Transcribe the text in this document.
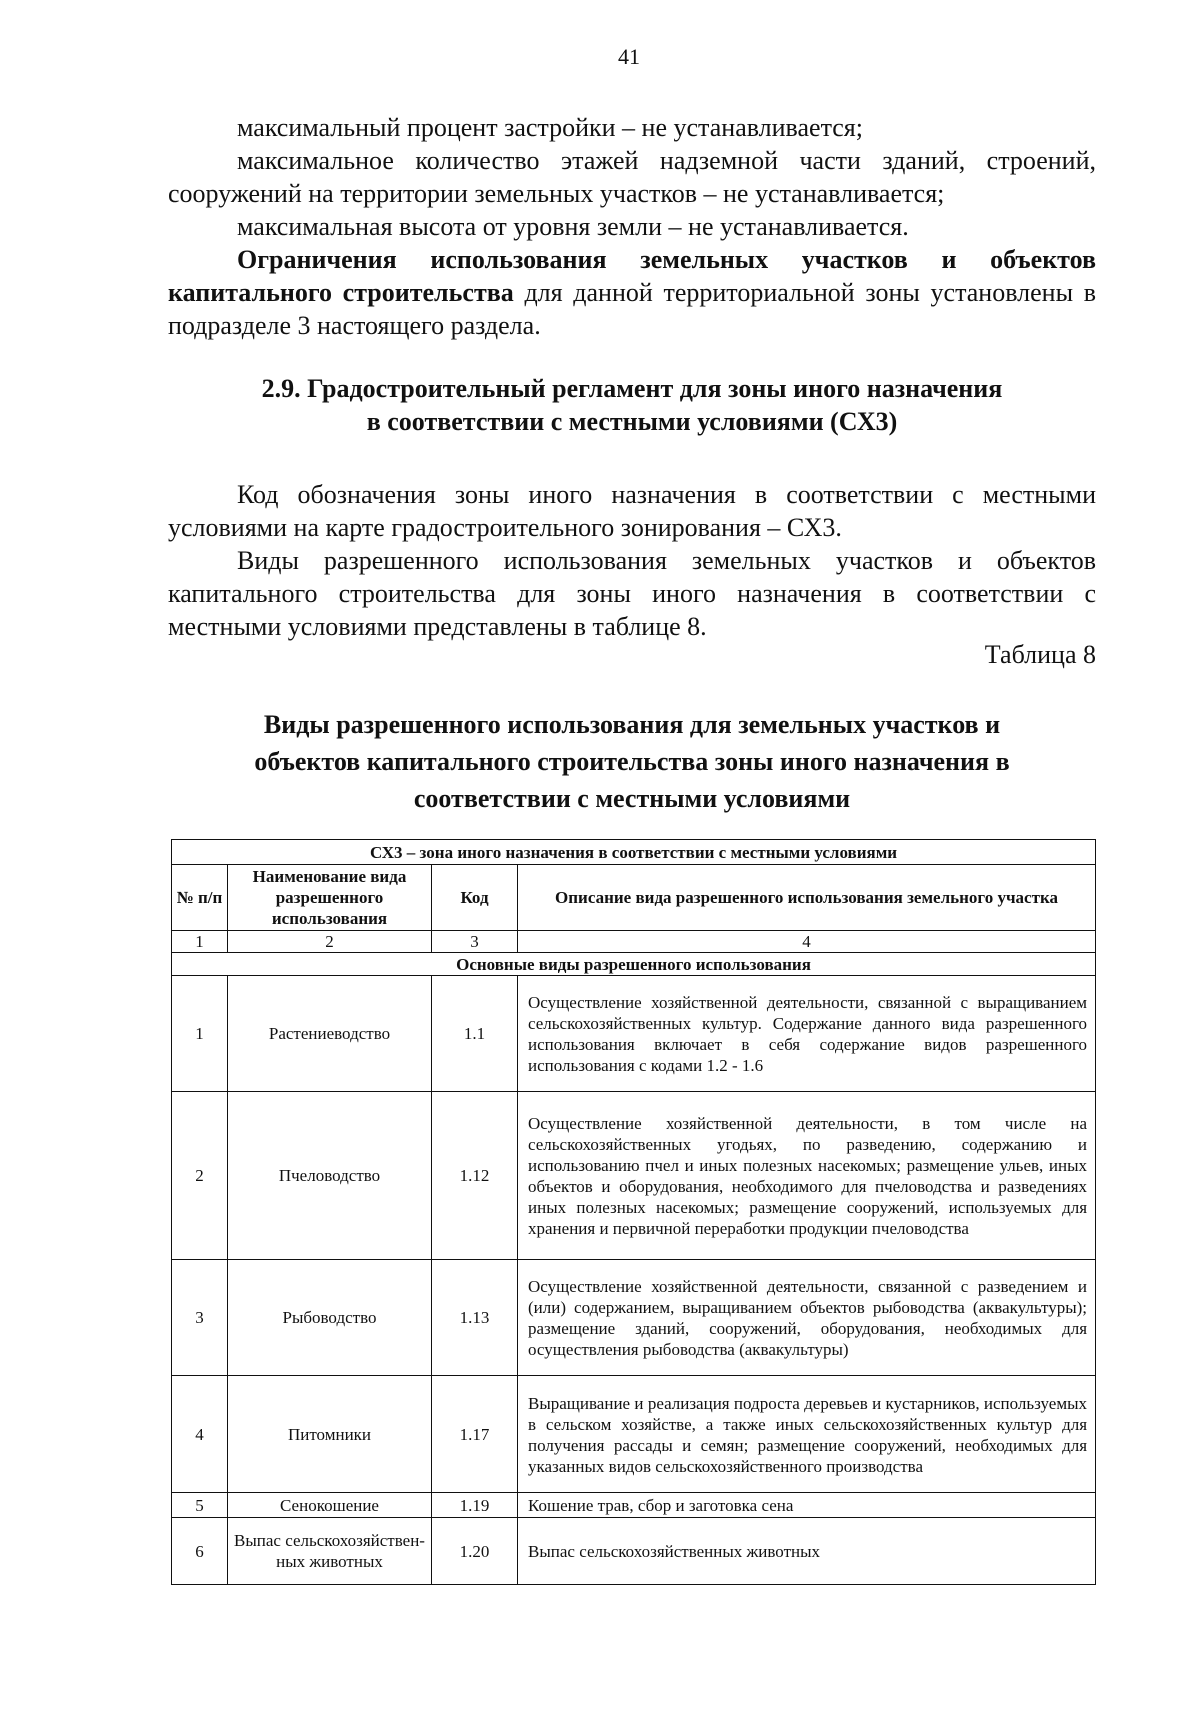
41

максимальный процент застройки – не устанавливается;

максимальное количество этажей надземной части зданий, строений, сооружений на территории земельных участков – не устанавливается;

максимальная высота от уровня земли – не устанавливается.

Ограничения использования земельных участков и объектов капитального строительства для данной территориальной зоны установлены в подразделе 3 настоящего раздела.

2.9. Градостроительный регламент для зоны иного назначения
в соответствии с местными условиями (СХ3)

Код обозначения зоны иного назначения в соответствии с местными условиями на карте градостроительного зонирования – СХ3.

Виды разрешенного использования земельных участков и объектов капитального строительства для зоны иного назначения в соответствии с местными условиями представлены в таблице 8.

Таблица 8
Виды разрешенного использования для земельных участков и
объектов капитального строительства зоны иного назначения в
соответствии с местными условиями
СХ3 – зона иного назначения в соответствии с местными условиями			
№ п/п	Наименование вида разрешенного использования	Код	Описание вида разрешенного использования земельного участка
1	2	3	4
Основные виды разрешенного использования			
1	Растениеводство	1.1	Осуществление хозяйственной деятельности, связанной с выращиванием сельскохозяйственных культур. Содержание данного вида разрешенного использования включает в себя содержание видов разрешенного использования с кодами 1.2 - 1.6
2	Пчеловодство	1.12	Осуществление хозяйственной деятельности, в том числе на сельскохозяйственных угодьях, по разведению, содержанию и использованию пчел и иных полезных насекомых; размещение ульев, иных объектов и оборудования, необходимого для пчеловодства и разведениях иных полезных насекомых; размещение сооружений, используемых для хранения и первичной переработки продукции пчеловодства
3	Рыбоводство	1.13	Осуществление хозяйственной деятельности, связанной с разведением и (или) содержанием, выращиванием объектов рыбоводства (аквакультуры); размещение зданий, сооружений, оборудования, необходимых для осуществления рыбоводства (аквакультуры)
4	Питомники	1.17	Выращивание и реализация подроста деревьев и кустарников, используемых в сельском хозяйстве, а также иных сельскохозяйственных культур для получения рассады и семян; размещение сооружений, необходимых для указанных видов сельскохозяйственного производства
5	Сенокошение	1.19	Кошение трав, сбор и заготовка сена
6	Выпас сельскохозяйствен-ных животных	1.20	Выпас сельскохозяйственных животных
